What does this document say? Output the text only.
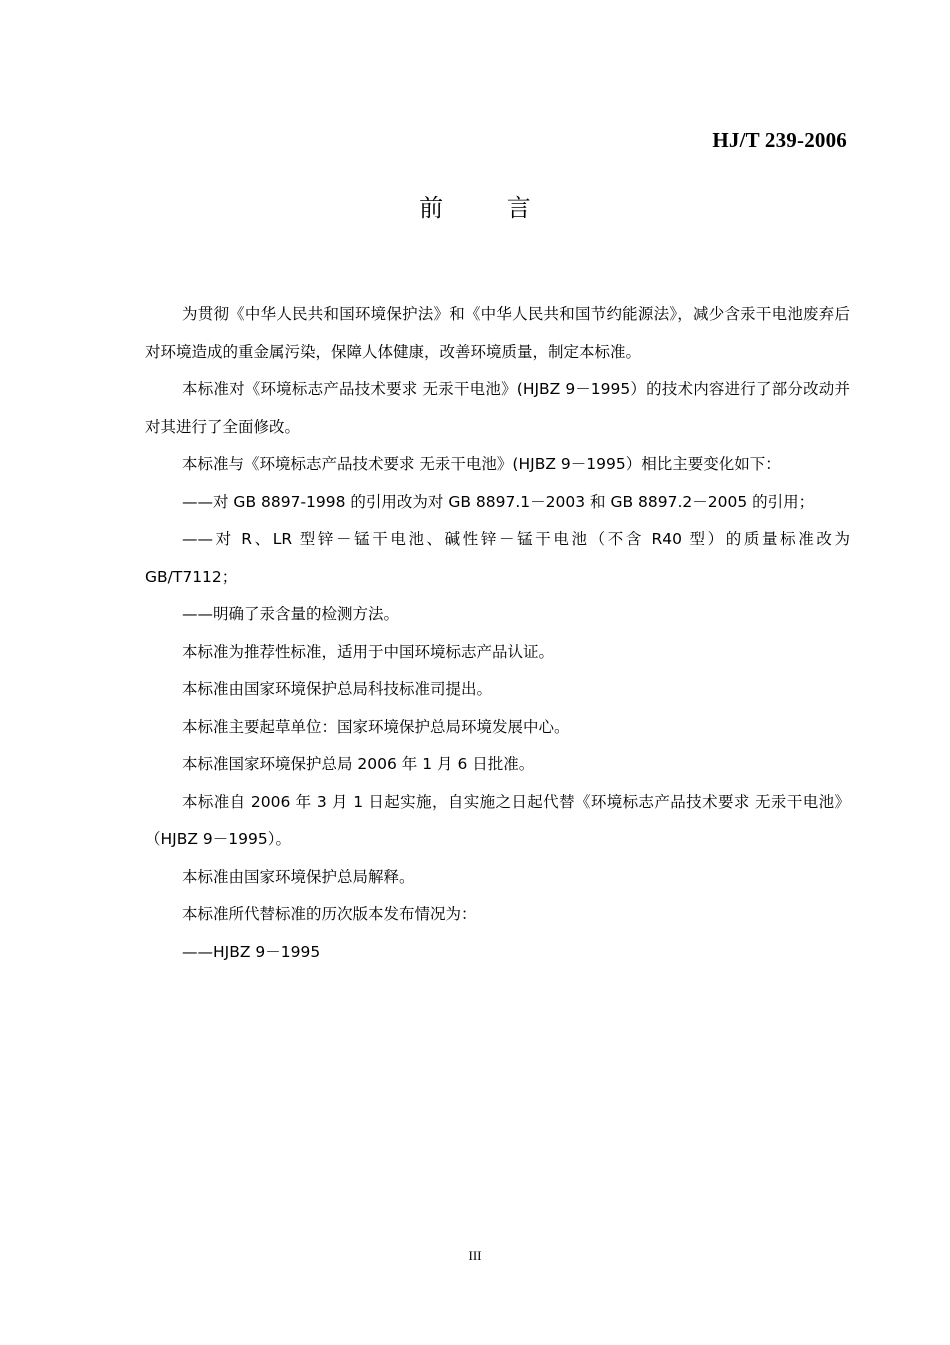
HJ/T 239-2006
前 言

为贯彻《中华人民共和国环境保护法》和《中华人民共和国节约能源法》，减少含汞干电池废弃后对环境造成的重金属污染，保障人体健康，改善环境质量，制定本标准。

本标准对《环境标志产品技术要求 无汞干电池》(HJBZ 9－1995）的技术内容进行了部分改动并对其进行了全面修改。

本标准与《环境标志产品技术要求 无汞干电池》(HJBZ 9－1995）相比主要变化如下：

——对 GB 8897-1998 的引用改为对 GB 8897.1－2003 和 GB 8897.2－2005 的引用；

——对 R、LR 型锌－锰干电池、碱性锌－锰干电池（不含 R40 型）的质量标准改为 GB/T7112；

——明确了汞含量的检测方法。

本标准为推荐性标准，适用于中国环境标志产品认证。

本标准由国家环境保护总局科技标准司提出。

本标准主要起草单位：国家环境保护总局环境发展中心。

本标准国家环境保护总局 2006 年 1 月 6 日批准。

本标准自 2006 年 3 月 1 日起实施，自实施之日起代替《环境标志产品技术要求 无汞干电池》（HJBZ 9－1995）。

本标准由国家环境保护总局解释。

本标准所代替标准的历次版本发布情况为：

——HJBZ 9－1995

III
